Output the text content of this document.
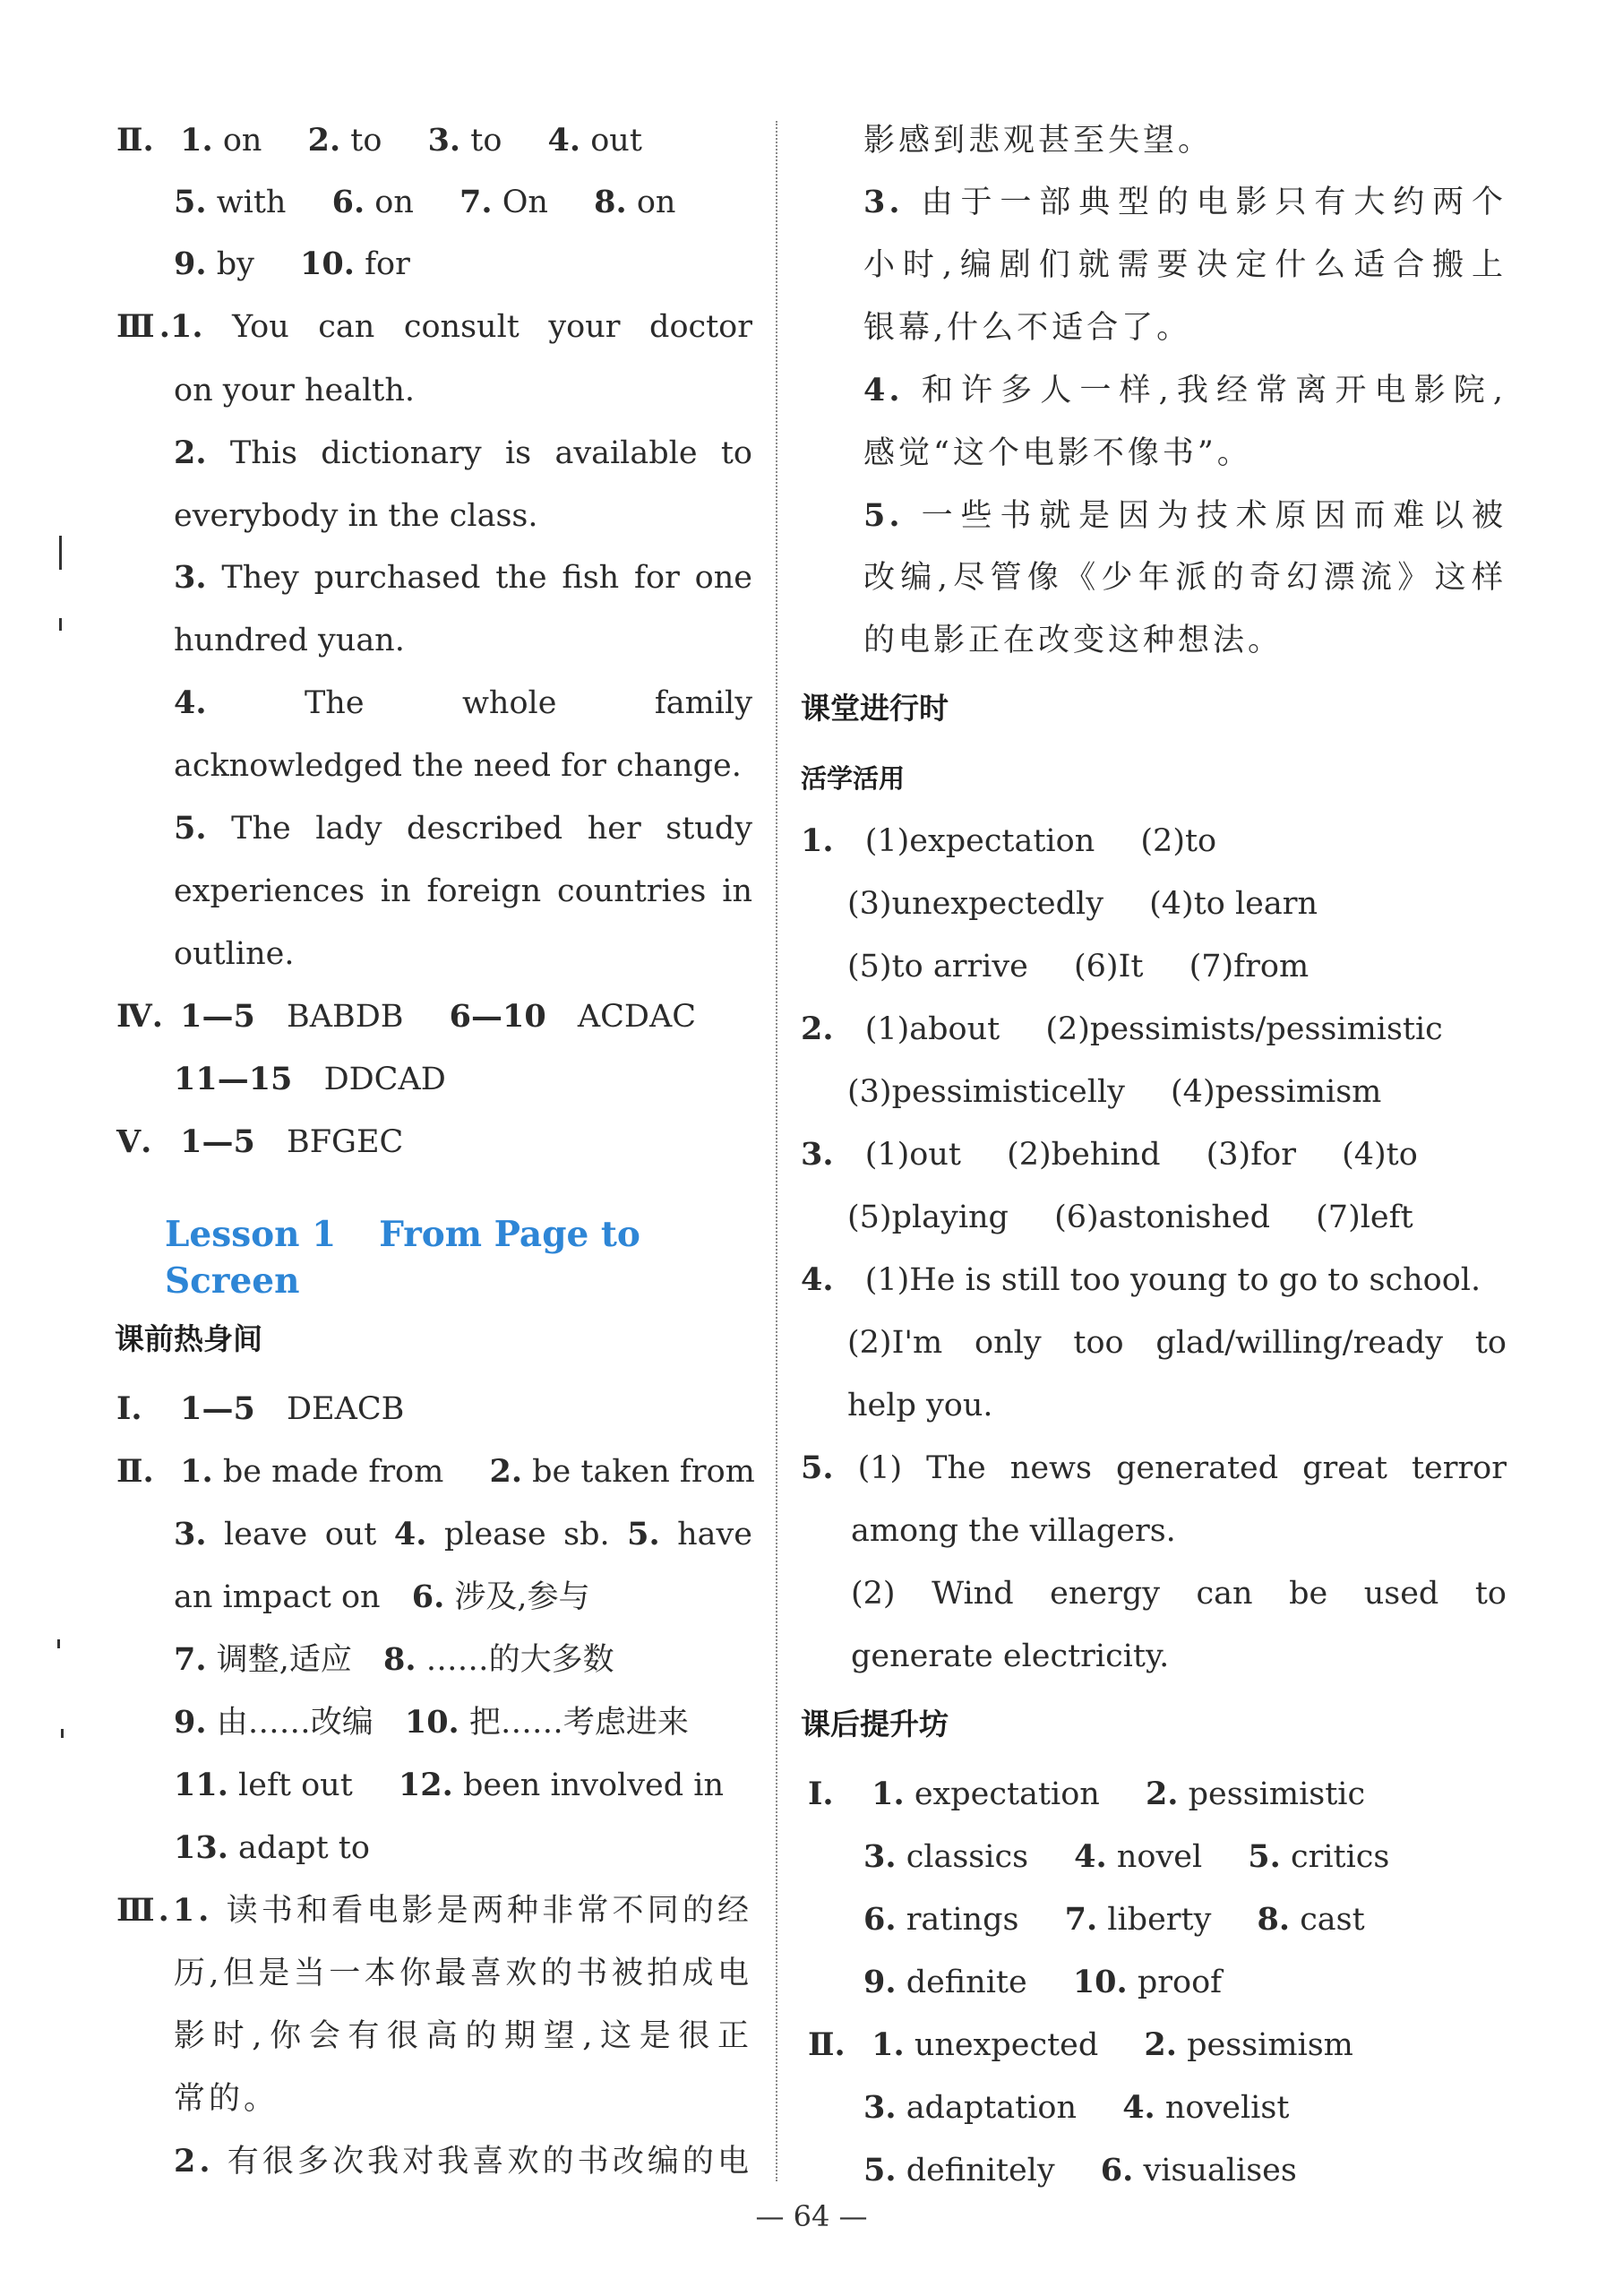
Ⅱ. 1. on 2. to 3. to 4. out
5. with 6. on 7. On 8. on
9. by 10. for
Ⅲ.1. You can consult your doctor
on your health.
2. This dictionary is available to
everybody in the class.
3. They purchased the fish for one
hundred yuan.
4.	The whole family
acknowledged the need for change.
5. The lady described her study
experiences in foreign countries in
outline.
Ⅳ. 1—5 BABDB 6—10 ACDAC
11—15 DDCAD
Ⅴ. 1—5 BFGEC
Lesson 1 From Page to Screen
课前热身间
Ⅰ. 1—5 DEACB
Ⅱ. 1. be made from 2. be taken from
3. leave out 4. please sb. 5. have
an impact on 6. 涉及,参与
7. 调整,适应 8. ……的大多数
9. 由……改编 10. 把……考虑进来
11. left out 12. been involved in
13. adapt to
Ⅲ.1. 读书和看电影是两种非常不同的经
历,但是当一本你最喜欢的书被拍成电
影时,你会有很高的期望,这是很正
常的。
2. 有很多次我对我喜欢的书改编的电
影感到悲观甚至失望。
3. 由于一部典型的电影只有大约两个
小时,编剧们就需要决定什么适合搬上
银幕,什么不适合了。
4. 和许多人一样,我经常离开电影院,
感觉“这个电影不像书”。
5. 一些书就是因为技术原因而难以被
改编,尽管像《少年派的奇幻漂流》这样
的电影正在改变这种想法。
课堂进行时
活学活用
1. (1)expectation (2)to
(3)unexpectedly (4)to learn
(5)to arrive (6)It (7)from
2. (1)about (2)pessimists/pessimistic
(3)pessimisticelly (4)pessimism
3. (1)out (2)behind (3)for (4)to
(5)playing (6)astonished (7)left
4. (1)He is still too young to go to school.
(2)I'm only too glad/willing/ready to
help you.
5. (1) The news generated great terror
among the villagers.
(2) Wind energy can be used to
generate electricity.
课后提升坊
Ⅰ. 1. expectation 2. pessimistic
3. classics 4. novel 5. critics
6. ratings 7. liberty 8. cast
9. definite 10. proof
Ⅱ. 1. unexpected 2. pessimism
3. adaptation 4. novelist
5. definitely 6. visualises
— 64 —
